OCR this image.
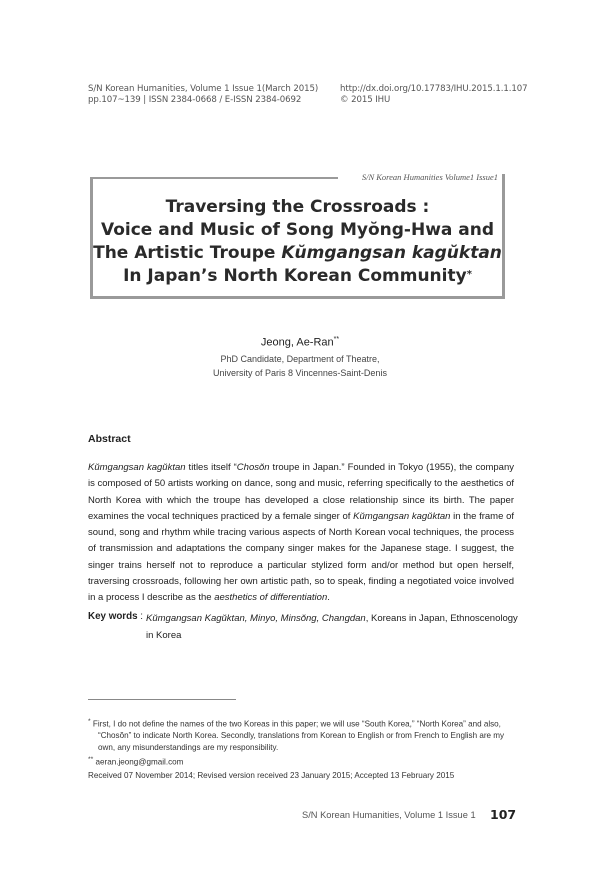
S/N Korean Humanities, Volume 1 Issue 1(March 2015)
pp.107~139 | ISSN 2384-0668 / E-ISSN 2384-0692
http://dx.doi.org/10.17783/IHU.2015.1.1.107
© 2015 IHU
S/N Korean Humanities Volume1 Issue1
Traversing the Crossroads :
Voice and Music of Song Myŏng-Hwa and
The Artistic Troupe Kŭmgangsan kagŭktan
In Japan’s North Korean Community*
Jeong, Ae-Ran**
PhD Candidate, Department of Theatre,
University of Paris 8 Vincennes-Saint-Denis
Abstract
Kŭmgangsan kagŭktan titles itself “Chosŏn troupe in Japan.” Founded in Tokyo (1955), the company is composed of 50 artists working on dance, song and music, referring specifically to the aesthetics of North Korea with which the troupe has developed a close relationship since its birth. The paper examines the vocal techniques practiced by a female singer of Kŭmgangsan kagŭktan in the frame of sound, song and rhythm while tracing various aspects of North Korean vocal techniques, the process of transmission and adaptations the company singer makes for the Japanese stage. I suggest, the singer trains herself not to reproduce a particular stylized form and/or method but open herself, traversing crossroads, following her own artistic path, so to speak, finding a negotiated voice involved in a process I describe as the aesthetics of differentiation.
Key words : Kŭmgangsan Kagŭktan, Minyo, Minsŏng, Changdan, Koreans in Japan, Ethnoscenology in Korea
* First, I do not define the names of the two Koreas in this paper; we will use “South Korea,” “North Korea” and also, “Chosŏn” to indicate North Korea. Secondly, translations from Korean to English or from French to English are my own, any misunderstandings are my responsibility.
** aeran.jeong@gmail.com
Received 07 November 2014; Revised version received 23 January 2015; Accepted 13 February 2015
S/N Korean Humanities, Volume 1 Issue 1 107
